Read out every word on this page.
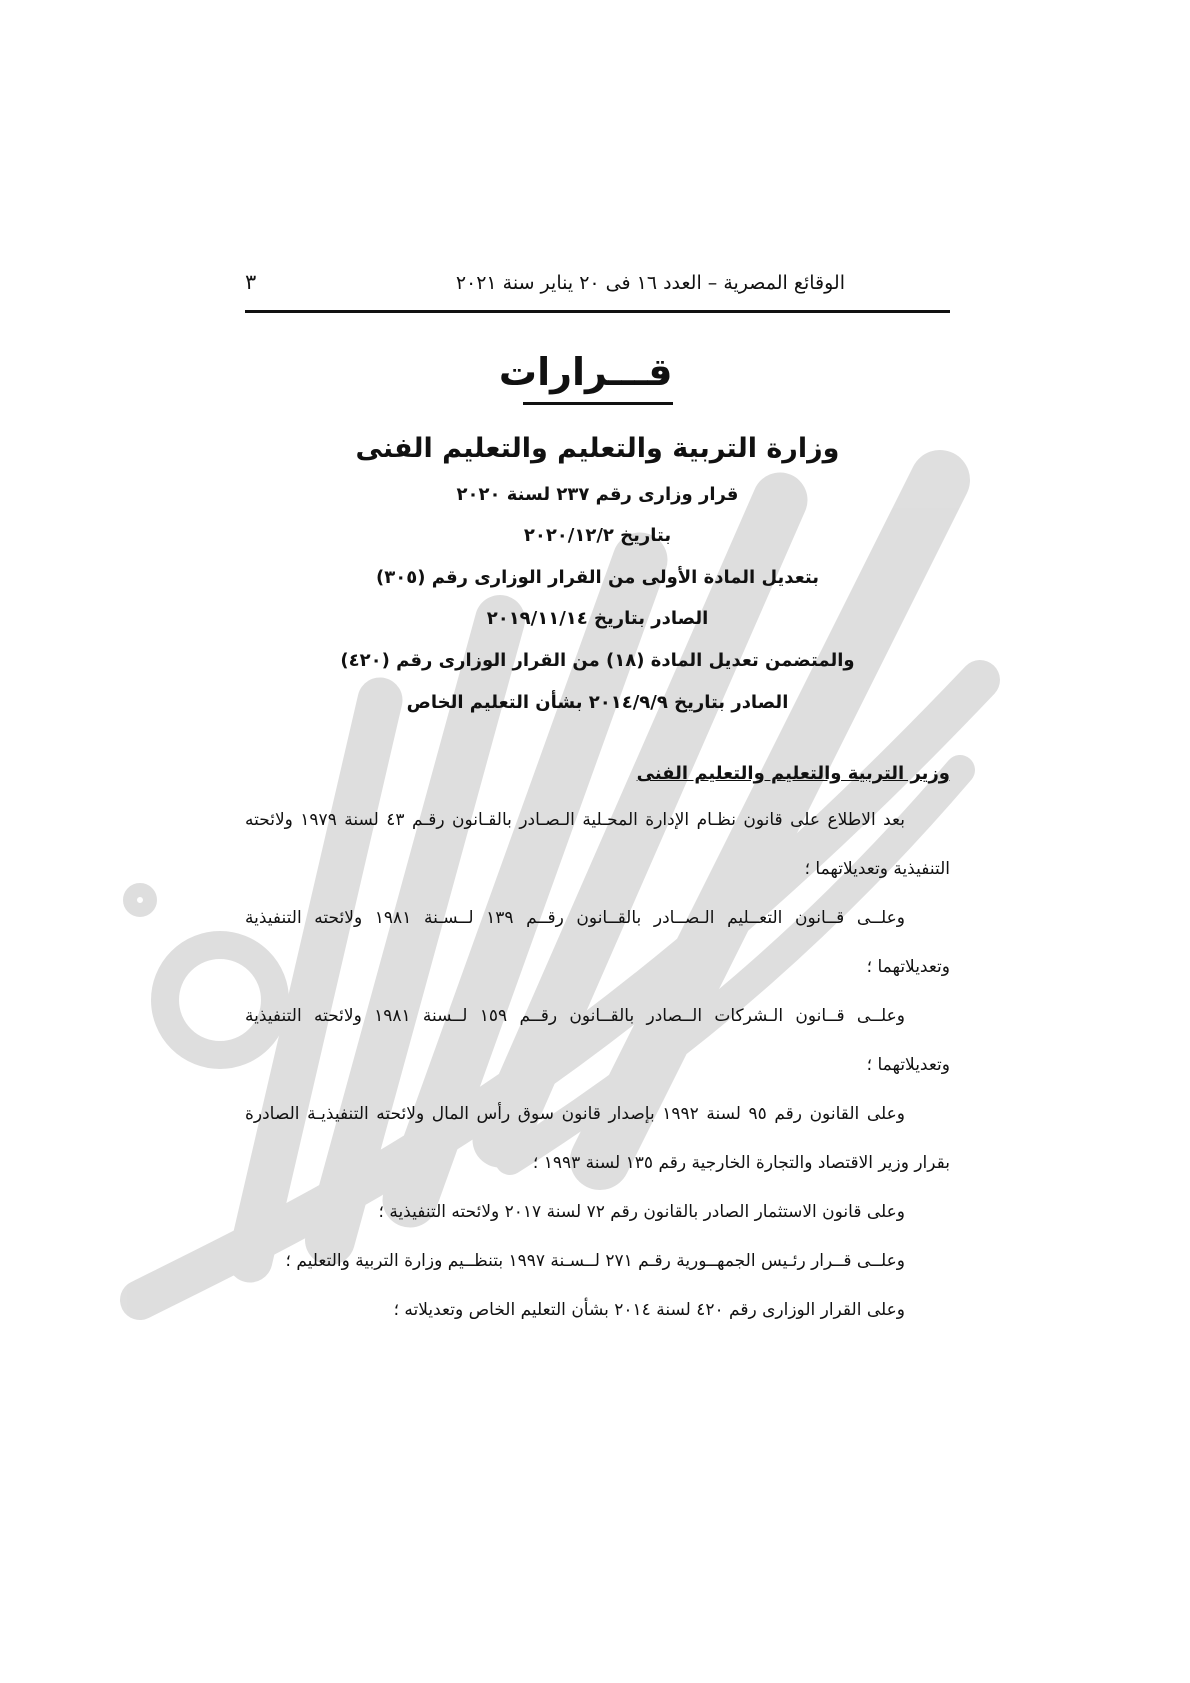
الوقائع المصرية – العدد ١٦ فى ٢٠ يناير سنة ٢٠٢١
٣
قـــرارات
وزارة التربية والتعليم والتعليم الفنى
قرار وزارى رقم ٢٣٧ لسنة ٢٠٢٠
بتاريخ ٢٠٢٠/١٢/٢
بتعديل المادة الأولى من القرار الوزارى رقم (٣٠٥)
الصادر بتاريخ ٢٠١٩/١١/١٤
والمتضمن تعديل المادة (١٨) من القرار الوزارى رقم (٤٢٠)
الصادر بتاريخ ٢٠١٤/٩/٩ بشأن التعليم الخاص
وزير التربية والتعليم والتعليم الفنى

بعد الاطلاع على قانون نظـام الإدارة المحـلية الـصـادر بالقـانون رقـم ٤٣ لسنة ١٩٧٩ ولائحته التنفيذية وتعديلاتهما ؛

وعلــى قــانون التعــليم الـصــادر بالقــانون رقــم ١٣٩ لــسـنة ١٩٨١ ولائحته التنفيذية وتعديلاتهما ؛

وعلــى قــانون الـشركات الــصادر بالقــانون رقــم ١٥٩ لــسنة ١٩٨١ ولائحته التنفيذية وتعديلاتهما ؛

وعلى القانون رقم ٩٥ لسنة ١٩٩٢ بإصدار قانون سوق رأس المال ولائحته التنفيذيـة الصادرة بقرار وزير الاقتصاد والتجارة الخارجية رقم ١٣٥ لسنة ١٩٩٣ ؛

وعلى قانون الاستثمار الصادر بالقانون رقم ٧٢ لسنة ٢٠١٧ ولائحته التنفيذية ؛

وعلــى قــرار رئـيس الجمهــورية رقـم ٢٧١ لــسـنة ١٩٩٧ بتنظــيم وزارة التربية والتعليم ؛

وعلى القرار الوزارى رقم ٤٢٠ لسنة ٢٠١٤ بشأن التعليم الخاص وتعديلاته ؛
